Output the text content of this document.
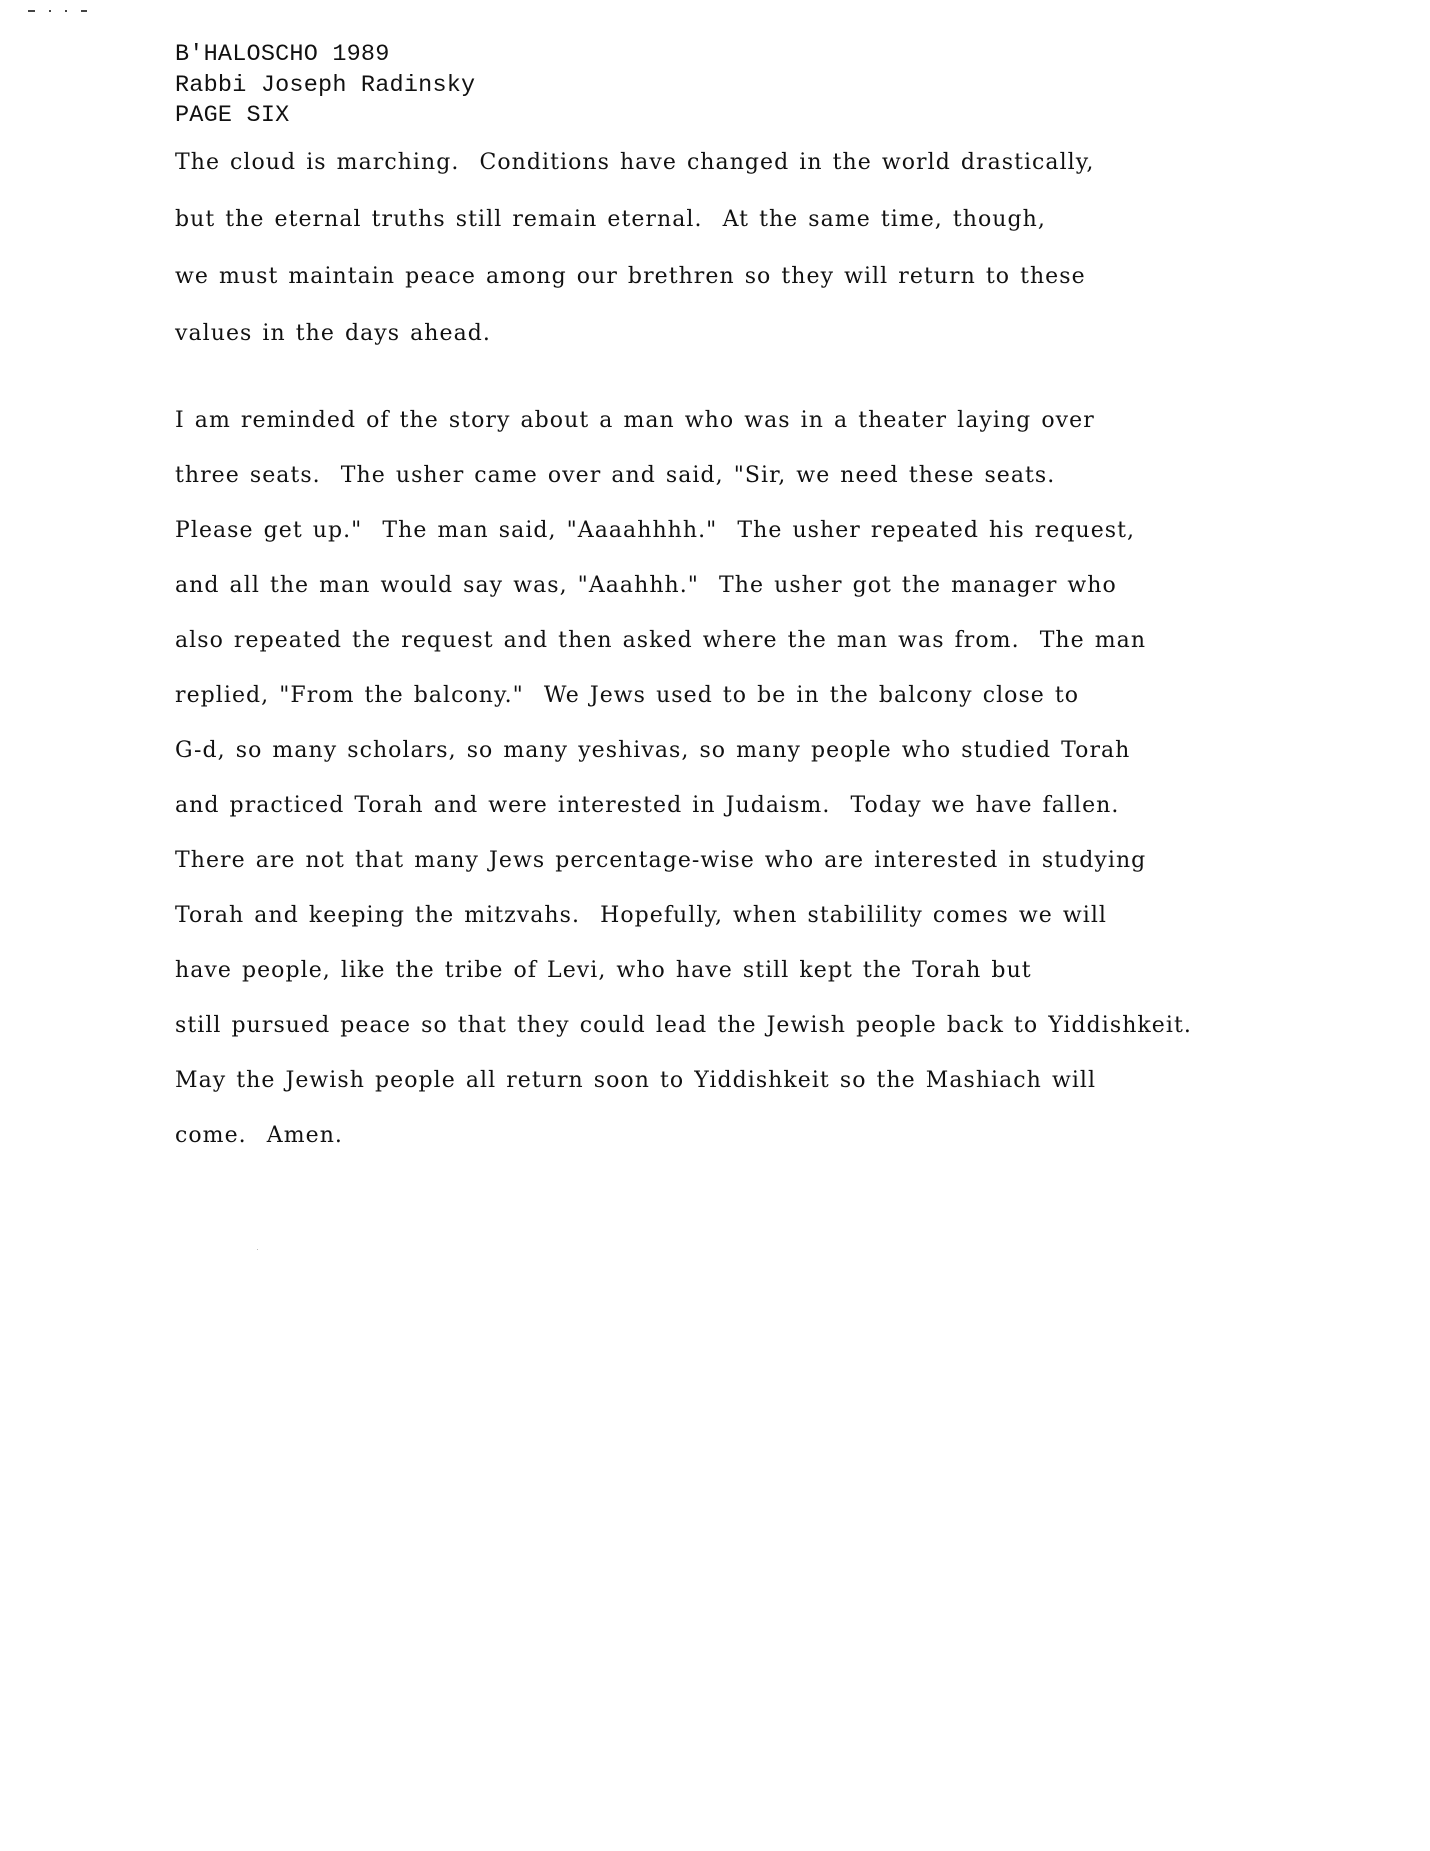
B'HALOSCHO 1989
Rabbi Joseph Radinsky
PAGE SIX
The cloud is marching.  Conditions have changed in the world drastically,
but the eternal truths still remain eternal.  At the same time, though,
we must maintain peace among our brethren so they will return to these
values in the days ahead.
I am reminded of the story about a man who was in a theater laying over
three seats.  The usher came over and said, "Sir, we need these seats.
Please get up."  The man said, "Aaaahhhh."  The usher repeated his request,
and all the man would say was, "Aaahhh."  The usher got the manager who
also repeated the request and then asked where the man was from.  The man
replied, "From the balcony."  We Jews used to be in the balcony close to
G-d, so many scholars, so many yeshivas, so many people who studied Torah
and practiced Torah and were interested in Judaism.  Today we have fallen.
There are not that many Jews percentage-wise who are interested in studying
Torah and keeping the mitzvahs.  Hopefully, when stabilility comes we will
have people, like the tribe of Levi, who have still kept the Torah but
still pursued peace so that they could lead the Jewish people back to Yiddishkeit.
May the Jewish people all return soon to Yiddishkeit so the Mashiach will
come.  Amen.
